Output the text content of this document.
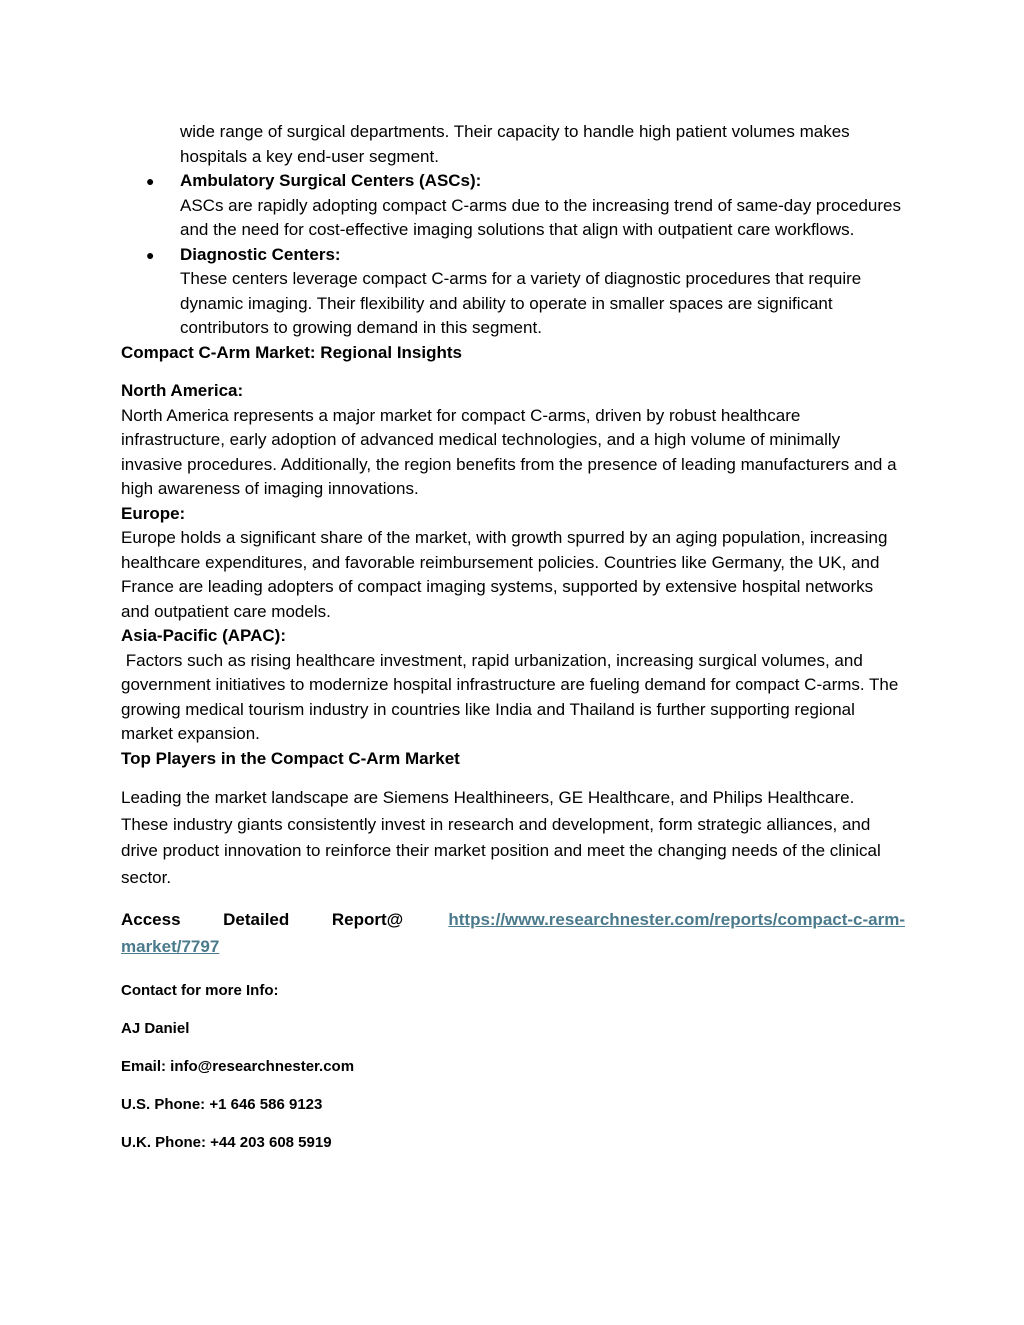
wide range of surgical departments. Their capacity to handle high patient volumes makes hospitals a key end-user segment.
● Ambulatory Surgical Centers (ASCs):
ASCs are rapidly adopting compact C-arms due to the increasing trend of same-day procedures and the need for cost-effective imaging solutions that align with outpatient care workflows.
● Diagnostic Centers:
These centers leverage compact C-arms for a variety of diagnostic procedures that require dynamic imaging. Their flexibility and ability to operate in smaller spaces are significant contributors to growing demand in this segment.
Compact C-Arm Market: Regional Insights
North America:
North America represents a major market for compact C-arms, driven by robust healthcare infrastructure, early adoption of advanced medical technologies, and a high volume of minimally invasive procedures. Additionally, the region benefits from the presence of leading manufacturers and a high awareness of imaging innovations.
Europe:
Europe holds a significant share of the market, with growth spurred by an aging population, increasing healthcare expenditures, and favorable reimbursement policies. Countries like Germany, the UK, and France are leading adopters of compact imaging systems, supported by extensive hospital networks and outpatient care models.
Asia-Pacific (APAC):
Factors such as rising healthcare investment, rapid urbanization, increasing surgical volumes, and government initiatives to modernize hospital infrastructure are fueling demand for compact C-arms. The growing medical tourism industry in countries like India and Thailand is further supporting regional market expansion.
Top Players in the Compact C-Arm Market
Leading the market landscape are Siemens Healthineers, GE Healthcare, and Philips Healthcare. These industry giants consistently invest in research and development, form strategic alliances, and drive product innovation to reinforce their market position and meet the changing needs of the clinical sector.
Access Detailed Report@	https://www.researchnester.com/reports/compact-c-arm-market/7797
Contact for more Info:
AJ Daniel
Email: info@researchnester.com
U.S. Phone: +1 646 586 9123
U.K. Phone: +44 203 608 5919
